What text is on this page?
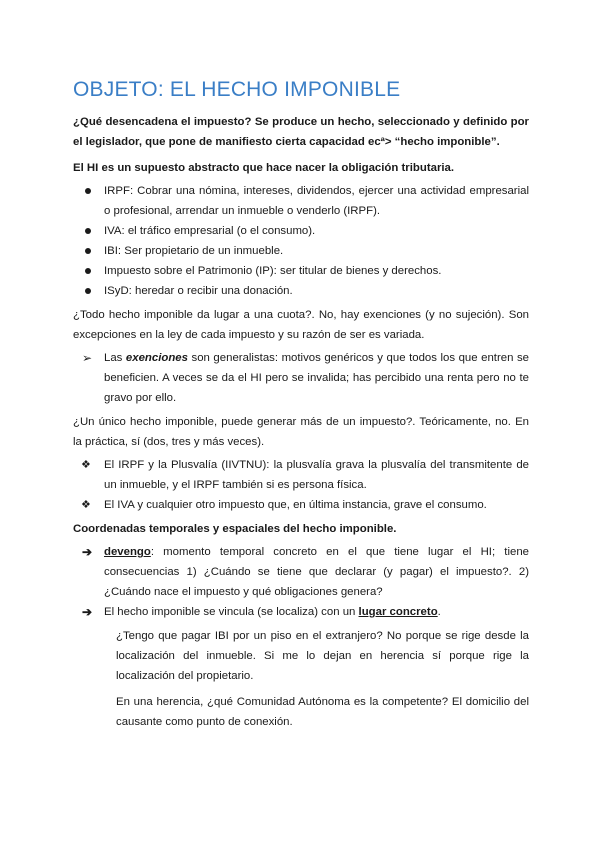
OBJETO: EL HECHO IMPONIBLE

¿Qué desencadena el impuesto? Se produce un hecho, seleccionado y definido por el legislador, que pone de manifiesto cierta capacidad ecª> “hecho imponible”.

El HI es un supuesto abstracto que hace nacer la obligación tributaria.

IRPF: Cobrar una nómina, intereses, dividendos, ejercer una actividad empresarial o profesional, arrendar un inmueble o venderlo (IRPF).
IVA: el tráfico empresarial (o el consumo).
IBI: Ser propietario de un inmueble.
Impuesto sobre el Patrimonio (IP): ser titular de bienes y derechos.
ISyD: heredar o recibir una donación.

¿Todo hecho imponible da lugar a una cuota?. No, hay exenciones (y no sujeción). Son excepciones en la ley de cada impuesto y su razón de ser es variada.

➢ Las exenciones son generalistas: motivos genéricos y que todos los que entren se beneficien. A veces se da el HI pero se invalida; has percibido una renta pero no te gravo por ello.

¿Un único hecho imponible, puede generar más de un impuesto?. Teóricamente, no. En la práctica, sí (dos, tres y más veces).

❖ El IRPF y la Plusvalía (IIVTNU): la plusvalía grava la plusvalía del transmitente de un inmueble, y el IRPF también si es persona física.
❖ El IVA y cualquier otro impuesto que, en última instancia, grave el consumo.

Coordenadas temporales y espaciales del hecho imponible.

➔ devengo: momento temporal concreto en el que tiene lugar el HI; tiene consecuencias 1) ¿Cuándo se tiene que declarar (y pagar) el impuesto?. 2) ¿Cuándo nace el impuesto y qué obligaciones genera?
➔ El hecho imponible se vincula (se localiza) con un lugar concreto.

¿Tengo que pagar IBI por un piso en el extranjero? No porque se rige desde la localización del inmueble. Si me lo dejan en herencia sí porque rige la localización del propietario.

En una herencia, ¿qué Comunidad Autónoma es la competente? El domicilio del causante como punto de conexión.
